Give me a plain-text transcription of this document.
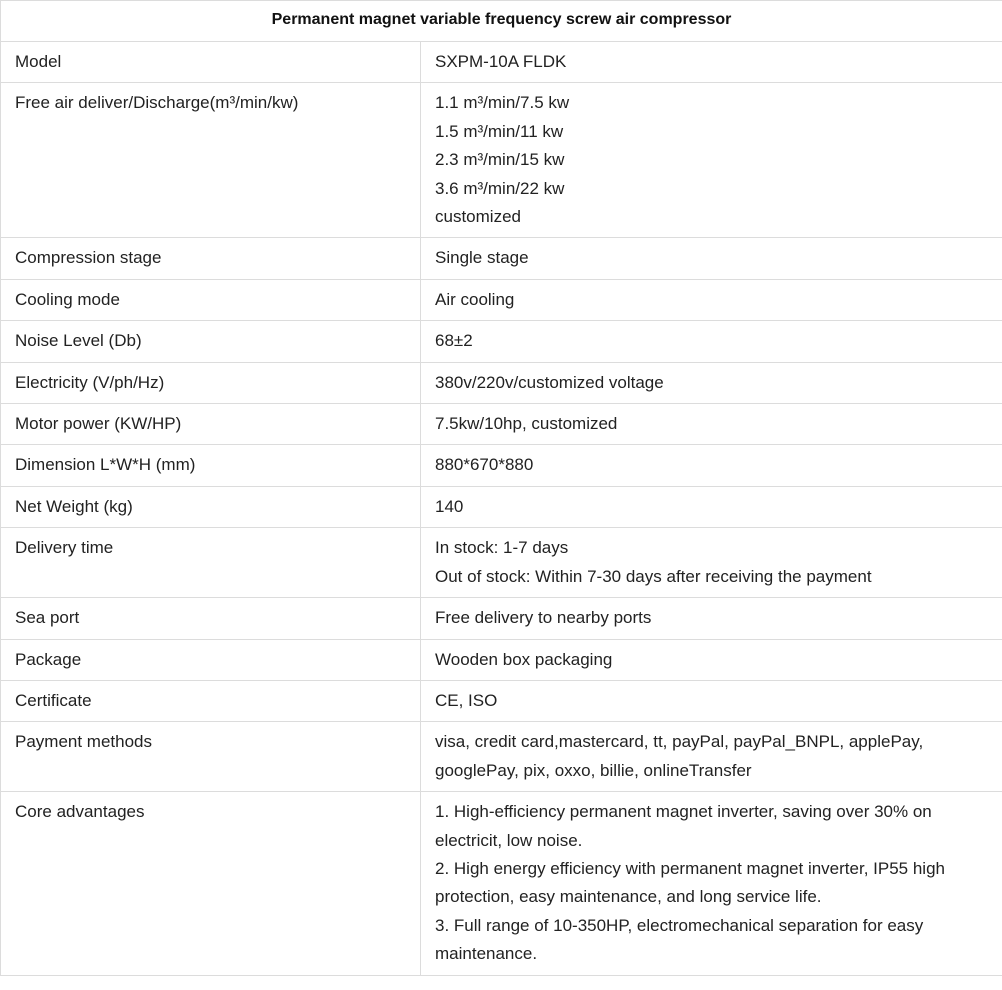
Permanent magnet variable frequency screw air compressor	
Model	SXPM-10A FLDK

Free air deliver/Discharge(m³/min/kw)	1.1 m³/min/7.5 kw
1.5 m³/min/11 kw
2.3 m³/min/15 kw
3.6 m³/min/22 kw
customized

Compression stage	Single stage

Cooling mode	Air cooling

Noise Level (Db)	68±2

Electricity (V/ph/Hz)	380v/220v/customized voltage

Motor power (KW/HP)	7.5kw/10hp, customized

Dimension L*W*H (mm)	880*670*880

Net Weight (kg)	140

Delivery time	In stock: 1-7 days
Out of stock: Within 7-30 days after receiving the payment

Sea port	Free delivery to nearby ports

Package	Wooden box packaging

Certificate	CE, ISO

Payment methods	visa, credit card,mastercard, tt, payPal, payPal_BNPL, applePay, googlePay, pix, oxxo, billie, onlineTransfer

Core advantages	1. High-efficiency permanent magnet inverter, saving over 30% on electricit, low noise.
2. High energy efficiency with permanent magnet inverter, IP55 high protection, easy maintenance, and long service life.
3. Full range of 10-350HP, electromechanical separation for easy maintenance.
